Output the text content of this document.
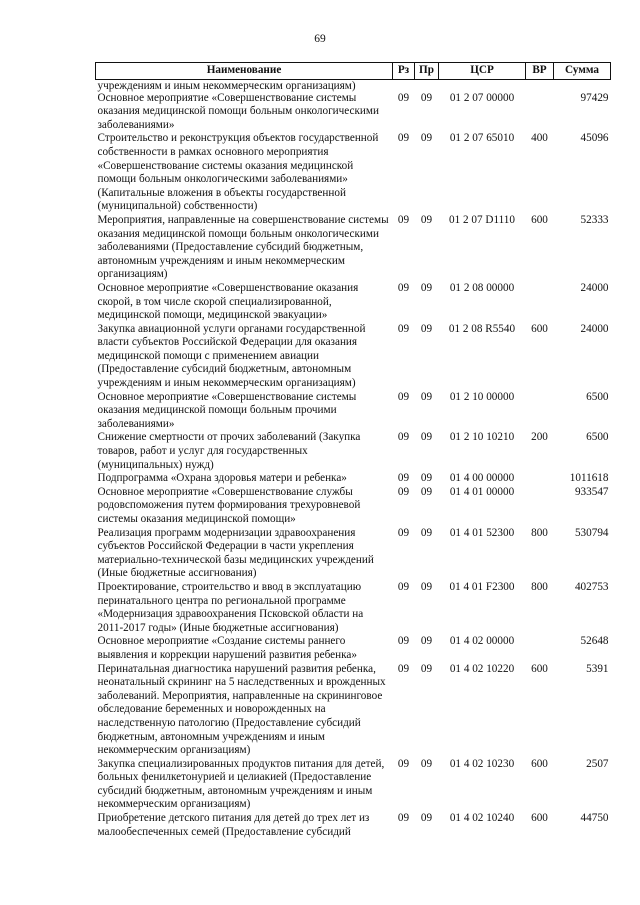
69
Наименование	Рз	Пр	ЦСР	ВР	Сумма
учреждениям и иным некоммерческим организациям)					
Основное мероприятие «Совершенствование системы оказания медицинской помощи больным онкологическими заболеваниями»	09	09	01 2 07 00000		97429
Строительство и реконструкция объектов государственной собственности в рамках основного мероприятия «Совершенствование системы оказания медицинской помощи больным онкологическими заболеваниями» (Капитальные вложения в объекты государственной (муниципальной) собственности)	09	09	01 2 07 65010	400	45096
Мероприятия, направленные на совершенствование системы оказания медицинской помощи больным онкологическими заболеваниями (Предоставление субсидий бюджетным, автономным учреждениям и иным некоммерческим организациям)	09	09	01 2 07 D1110	600	52333
Основное мероприятие «Совершенствование оказания скорой, в том числе скорой специализированной, медицинской помощи, медицинской эвакуации»	09	09	01 2 08 00000		24000
Закупка авиационной услуги органами государственной власти субъектов Российской Федерации для оказания медицинской помощи с применением авиации (Предоставление субсидий бюджетным, автономным учреждениям и иным некоммерческим организациям)	09	09	01 2 08 R5540	600	24000
Основное мероприятие «Совершенствование системы оказания медицинской помощи больным прочими заболеваниями»	09	09	01 2 10 00000		6500
Снижение смертности от прочих заболеваний (Закупка товаров, работ и услуг для государственных (муниципальных) нужд)	09	09	01 2 10 10210	200	6500
Подпрограмма «Охрана здоровья матери и ребенка»	09	09	01 4 00 00000		1011618
Основное мероприятие «Совершенствование службы родовспоможения путем формирования трехуровневой системы оказания медицинской помощи»	09	09	01 4 01 00000		933547
Реализация программ модернизации здравоохранения субъектов Российской Федерации в части укрепления материально-технической базы медицинских учреждений (Иные бюджетные ассигнования)	09	09	01 4 01 52300	800	530794
Проектирование, строительство и ввод в эксплуатацию перинатального центра по региональной программе «Модернизация здравоохранения Псковской области на 2011-2017 годы» (Иные бюджетные ассигнования)	09	09	01 4 01 F2300	800	402753
Основное мероприятие «Создание системы раннего выявления и коррекции нарушений развития ребенка»	09	09	01 4 02 00000		52648
Перинатальная диагностика нарушений развития ребенка, неонатальный скрининг на 5 наследственных и врожденных заболеваний. Мероприятия, направленные на скрининговое обследование беременных и новорожденных на наследственную патологию (Предоставление субсидий бюджетным, автономным учреждениям и иным некоммерческим организациям)	09	09	01 4 02 10220	600	5391
Закупка специализированных продуктов питания для детей, больных фенилкетонурией и целиакией (Предоставление субсидий бюджетным, автономным учреждениям и иным некоммерческим организациям)	09	09	01 4 02 10230	600	2507
Приобретение детского питания для детей до трех лет из малообеспеченных семей (Предоставление субсидий	09	09	01 4 02 10240	600	44750
